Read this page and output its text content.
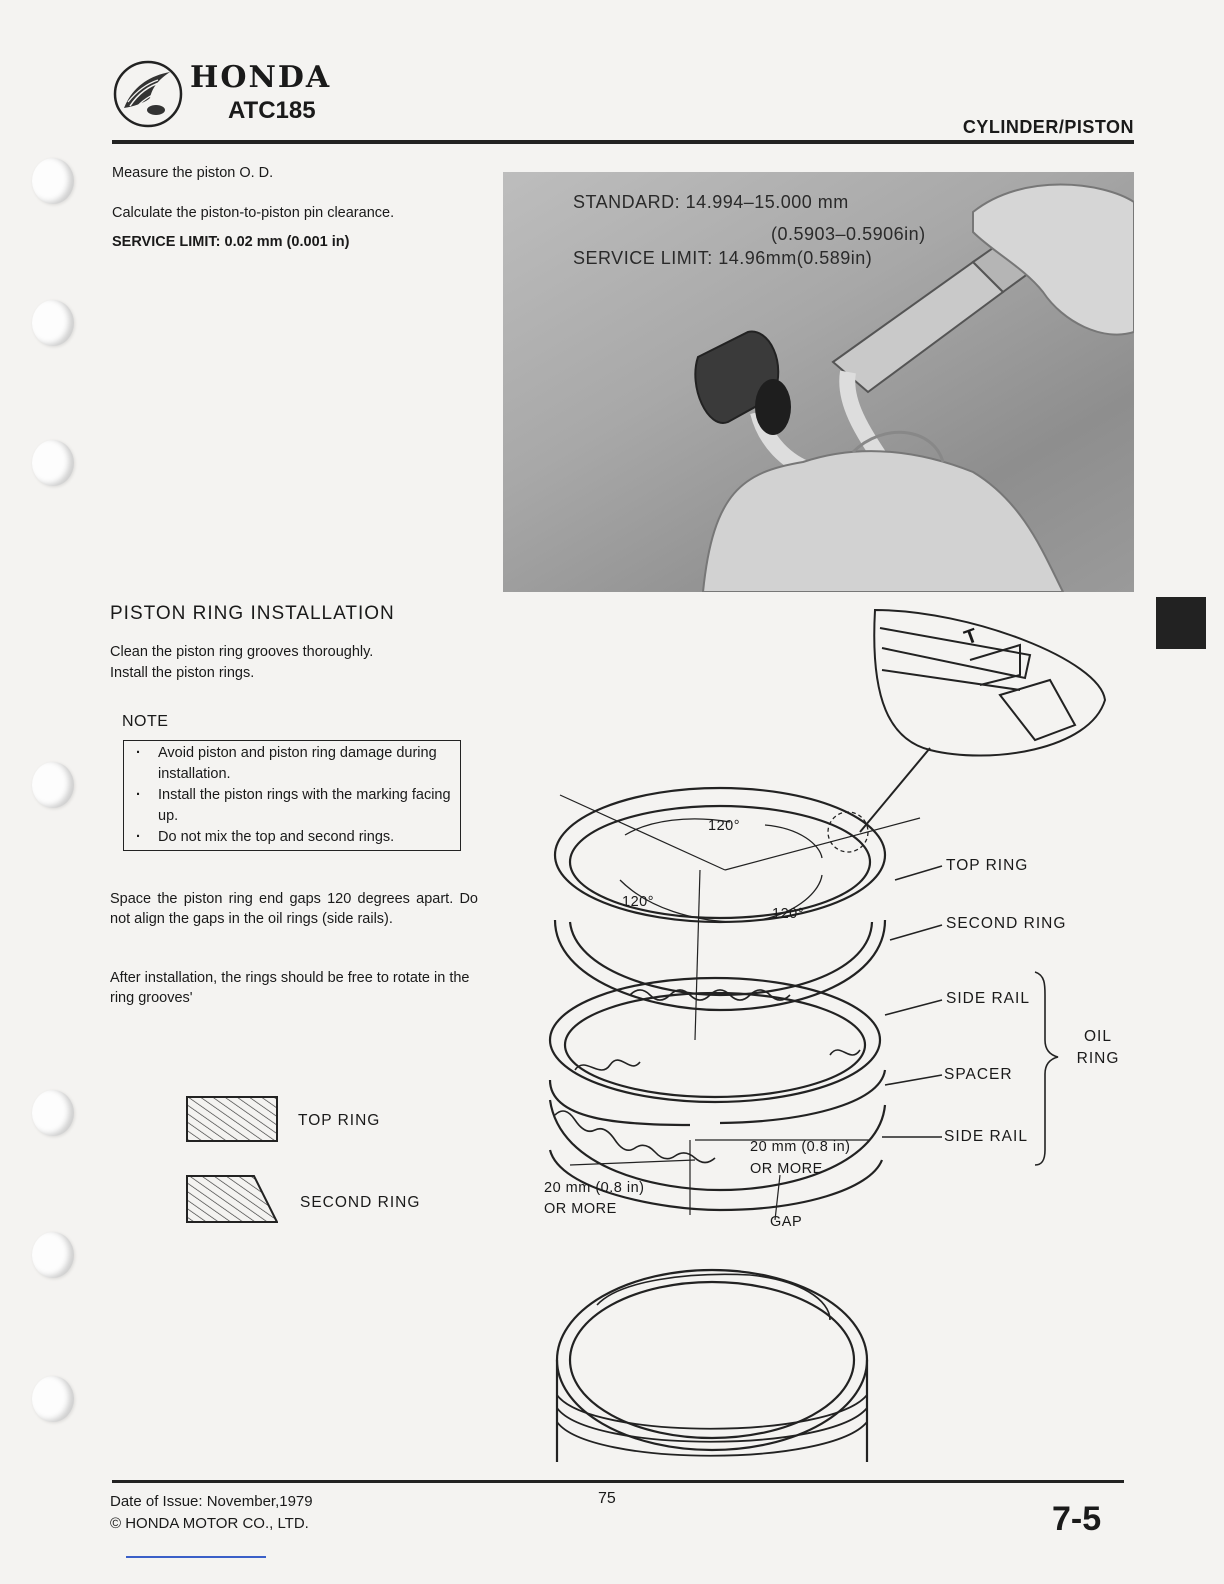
HONDA
ATC185
CYLINDER/PISTON
Measure the piston O. D.
Calculate the piston-to-piston pin clearance.
SERVICE LIMIT: 0.02 mm (0.001 in)
STANDARD: 14.994–15.000 mm
(0.5903–0.5906in)
SERVICE LIMIT: 14.96mm(0.589in)
PISTON RING INSTALLATION
Clean the piston ring grooves thoroughly.
Install the piston rings.
NOTE
· Avoid piston and piston ring damage during installation.
· Install the piston rings with the marking facing up.
· Do not mix the top and second rings.
Space the piston ring end gaps 120 degrees apart. Do not align the gaps in the oil rings (side rails).
After installation, the rings should be free to rotate in the ring grooves'
TOP RING
SECOND RING
T
120°
120°
120°
TOP RING
SECOND RING
SIDE RAIL
SPACER
SIDE RAIL
OIL RING
20 mm (0.8 in)
OR MORE
20 mm (0.8 in)
OR MORE
GAP
Date of Issue: November,1979
© HONDA MOTOR CO., LTD.
75
7-5
